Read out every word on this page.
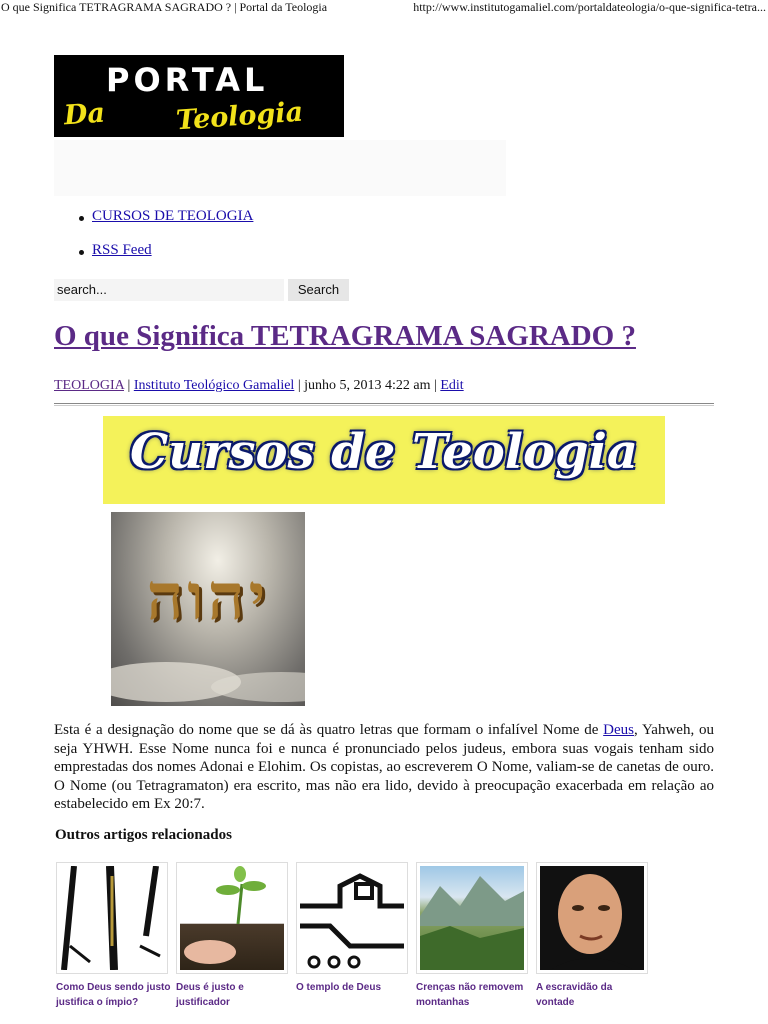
O que Significa TETRAGRAMA SAGRADO ? | Portal da Teologia	http://www.institutogamaliel.com/portaldateologia/o-que-significa-tetra...
PORTAL
Da	Teologia
CURSOS DE TEOLOGIA
RSS Feed
search...	Search
O que Significa TETRAGRAMA SAGRADO ?
TEOLOGIA | Instituto Teológico Gamaliel | junho 5, 2013 4:22 am | Edit
Cursos de Teologia
יהוה

Esta é a designação do nome que se dá às quatro letras que formam o infalível Nome de Deus, Yahweh, ou seja YHWH. Esse Nome nunca foi e nunca é pronunciado pelos judeus, embora suas vogais tenham sido emprestadas dos nomes Adonai e Elohim. Os copistas, ao escreverem O Nome, valiam-se de canetas de ouro. O Nome (ou Tetragramaton) era escrito, mas não era lido, devido à preocupação exacerbada em relação ao estabelecido em Ex 20:7.

Outros artigos relacionados
Como Deus sendo justo justifica o ímpio?
Deus é justo e justificador
O templo de Deus	Crenças não removem montanhas
A escravidão da vontade
